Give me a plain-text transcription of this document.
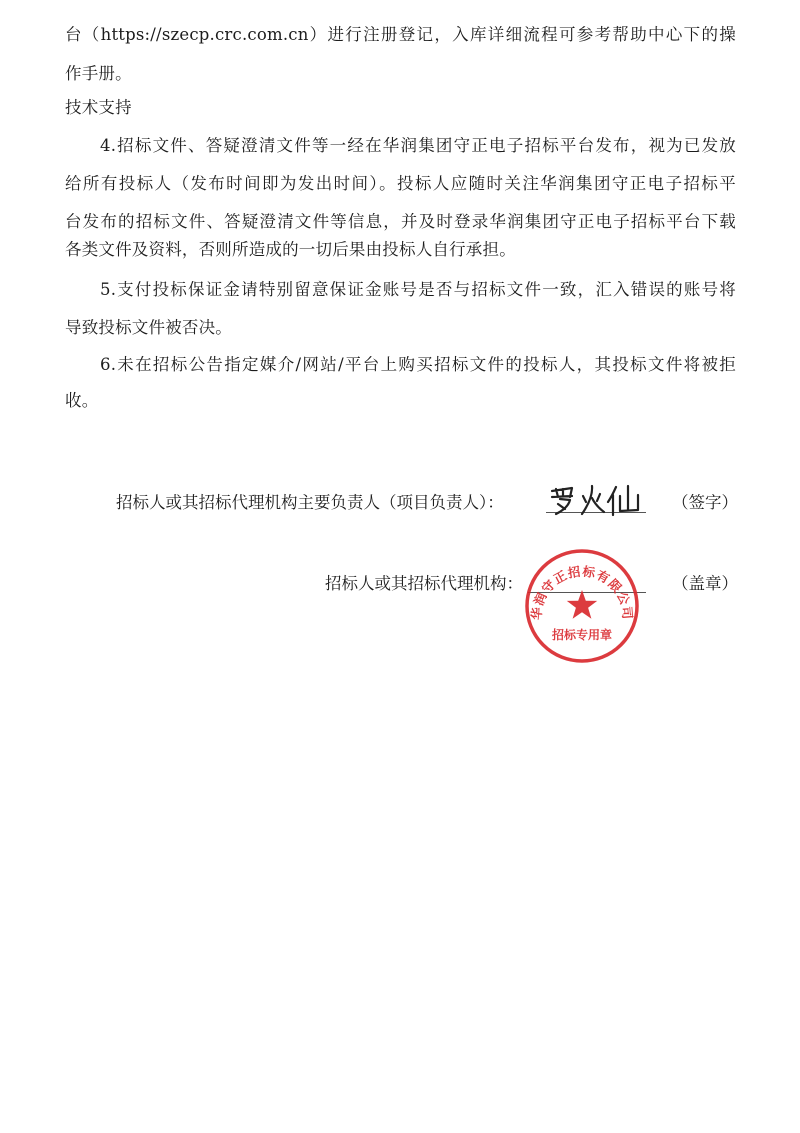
台（https://szecp.crc.com.cn）进行注册登记，入库详细流程可参考帮助中心下的操
作手册。
技术支持
4.招标文件、答疑澄清文件等一经在华润集团守正电子招标平台发布，视为已发放
给所有投标人（发布时间即为发出时间）。投标人应随时关注华润集团守正电子招标平
台发布的招标文件、答疑澄清文件等信息，并及时登录华润集团守正电子招标平台下载
各类文件及资料，否则所造成的一切后果由投标人自行承担。
5.支付投标保证金请特别留意保证金账号是否与招标文件一致，汇入错误的账号将
导致投标文件被否决。
6.未在招标公告指定媒介/网站/平台上购买招标文件的投标人，其投标文件将被拒
收。
招标人或其招标代理机构主要负责人（项目负责人）：	（签字）
招标人或其招标代理机构：	（盖章）
华润守正招标有限公司
招标专用章
